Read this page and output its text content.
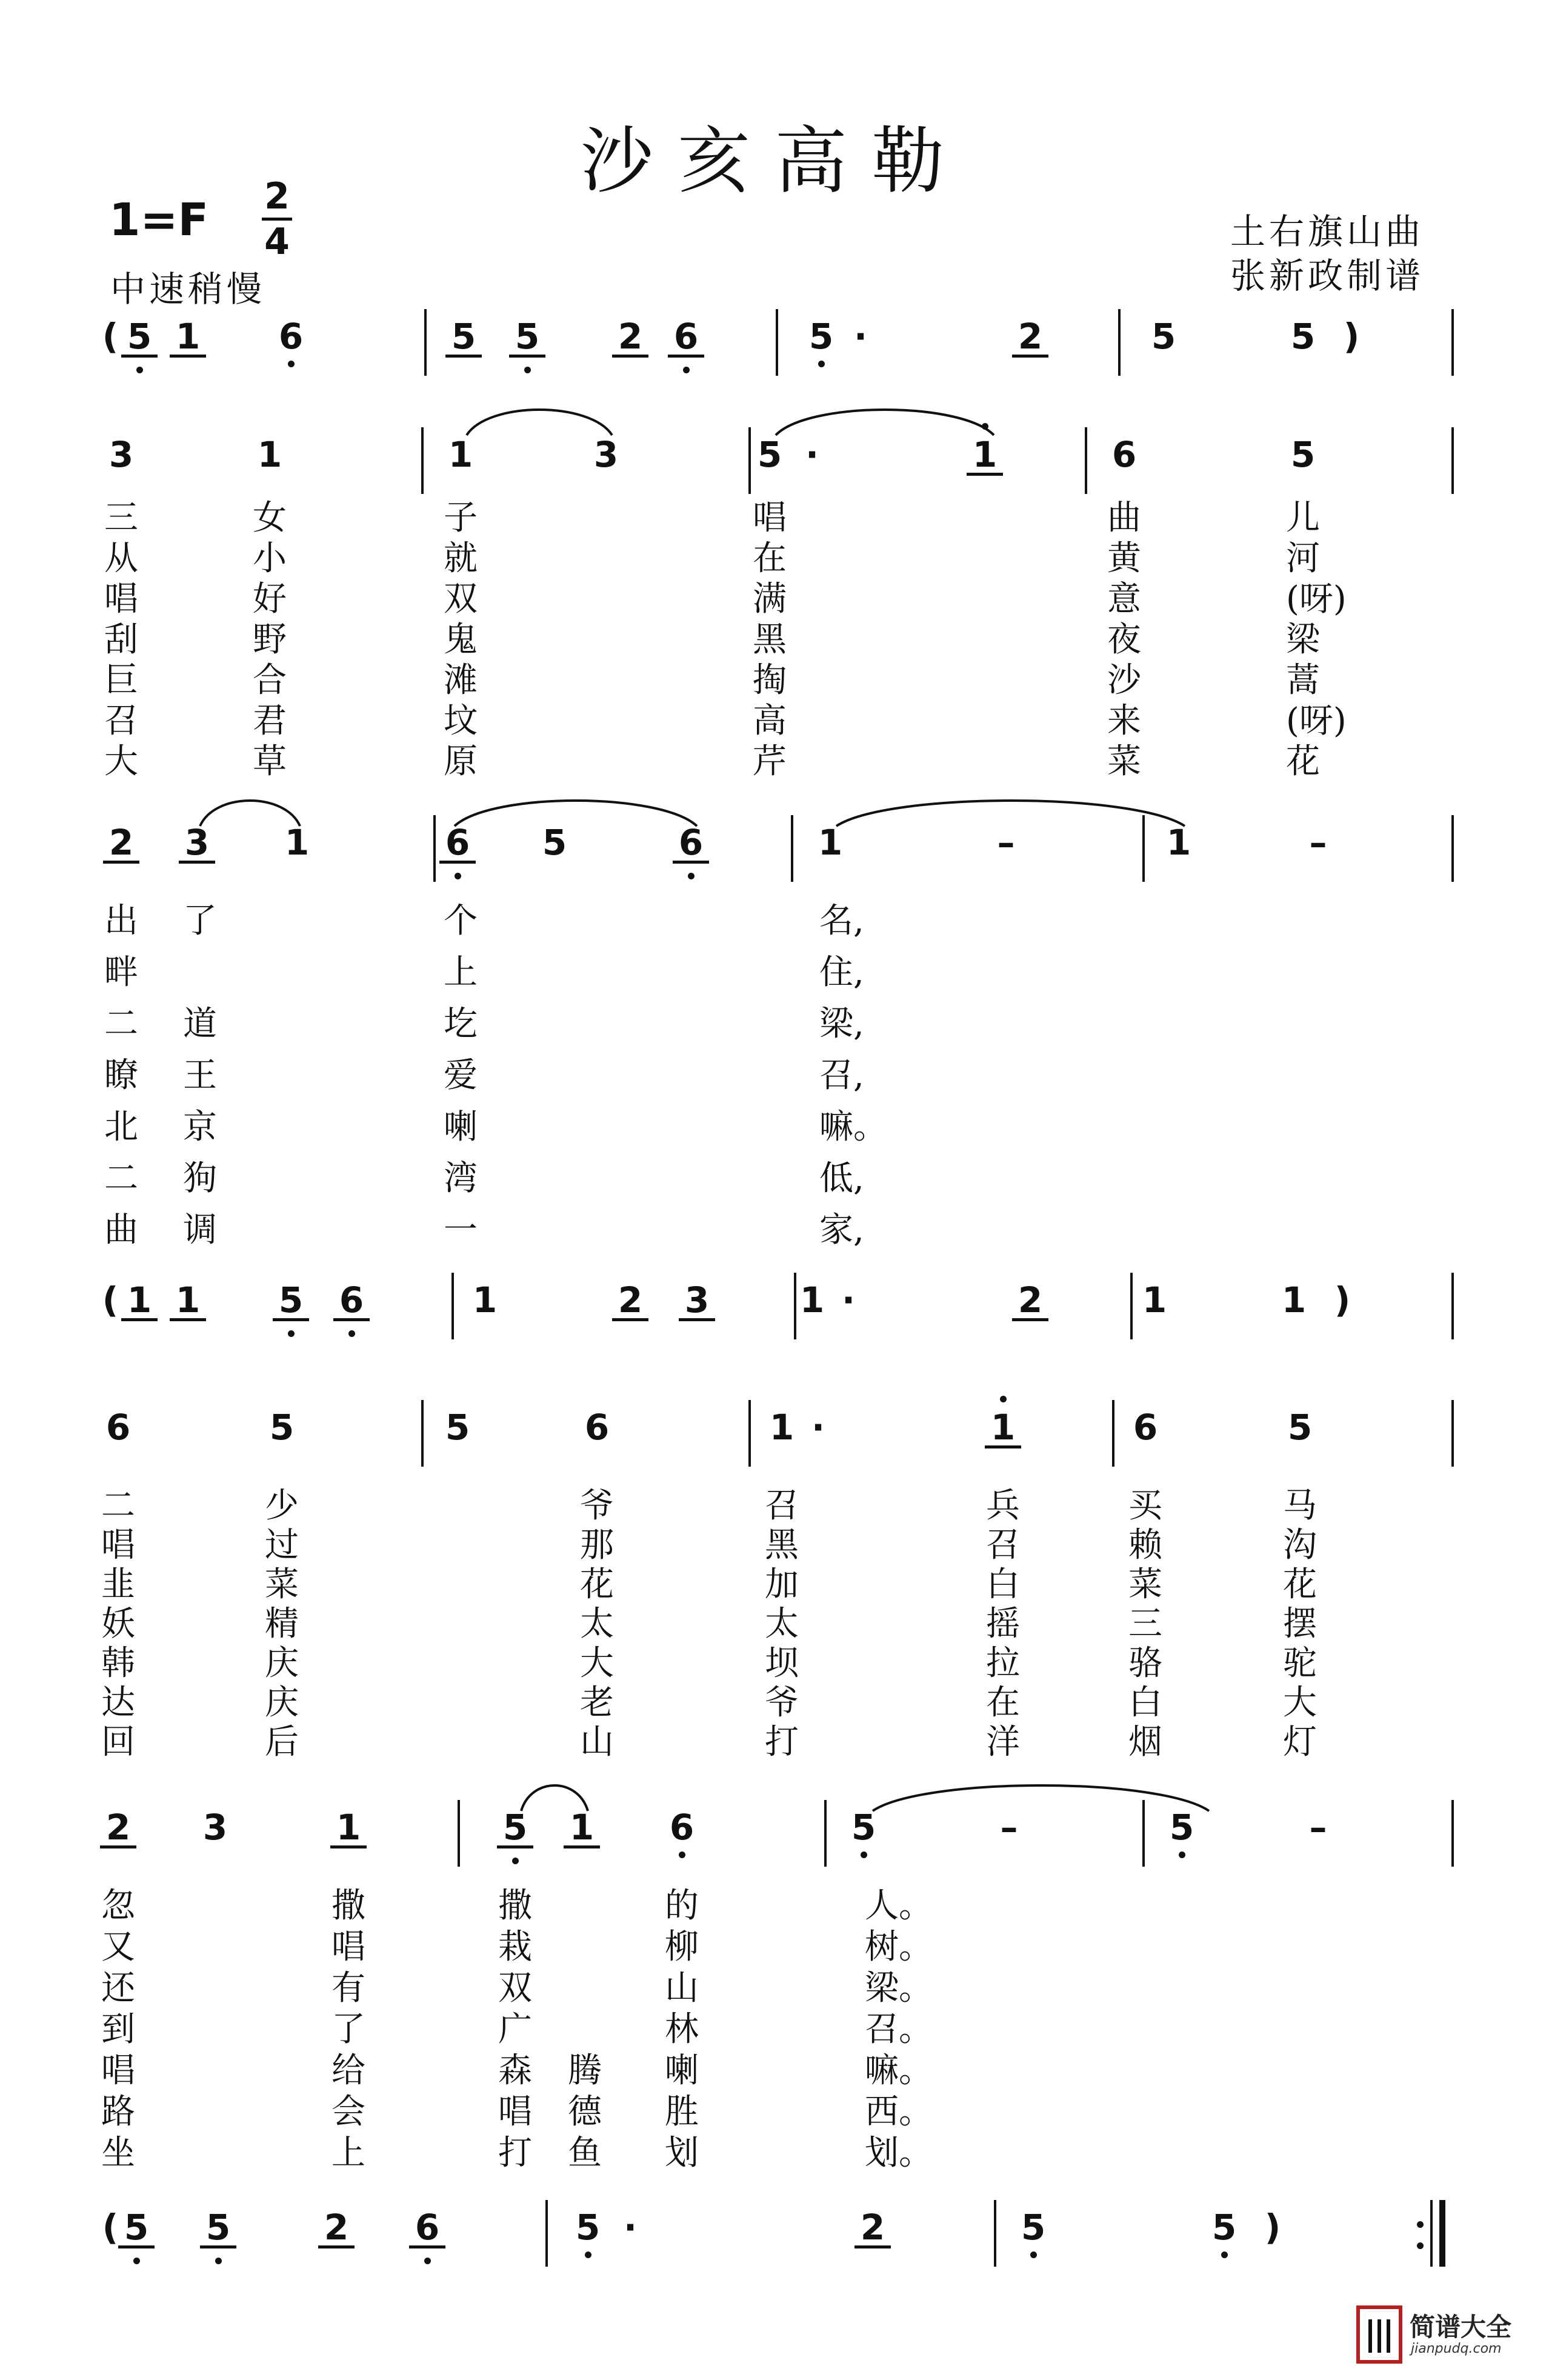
沙亥高勒
1=F 2
4
中速稍慢
土右旗山曲
张新政制谱
( 5 1 6	5 5 2 6	5 ·	2	5	5 )
3	1	1	3	5 ·	1	6	5
2 3 1	6 5	6	1	–	1	–
( 1 1 5 6	1	2 3	1 ·	2	1	1 )
6	5	5	6	1 ·	1	6	5
2 3	1	5 1 6	5	–	5	–
( 5 5	2 6	5 ·	2	5	5 )
三	女	子	唱	曲	儿
从	小	就	在	黄	河
唱	好	双	满	意	(呀)
刮	野	鬼	黑	夜	梁
巨	合	滩	掏	沙	蒿
召	君	坟	高	来	(呀)
大	草	原	芹	菜	花
出 了	个	名,
畔	上	住,
二 道	圪	梁,
瞭 王	爱	召,
北 京	喇	嘛。
二 狗	湾	低,
曲 调	一	家,
二	少	爷	召	兵	买	马
唱	过	那	黑	召	赖	沟
韭	菜	花	加	白	菜	花
妖	精	太	太	摇	三	摆
韩	庆	大	坝	拉	骆	驼
达	庆	老	爷	在	白	大
回	后	山	打	洋	烟	灯
忽	撒	撒	的	人。
又	唱	栽	柳	树。
还	有	双	山	梁。
到	了	广	林	召。
唱	给	森 腾 喇	嘛。
路	会	唱 德 胜	西。
坐	上	打 鱼 划	划。
简谱大全
jianpudq.com
